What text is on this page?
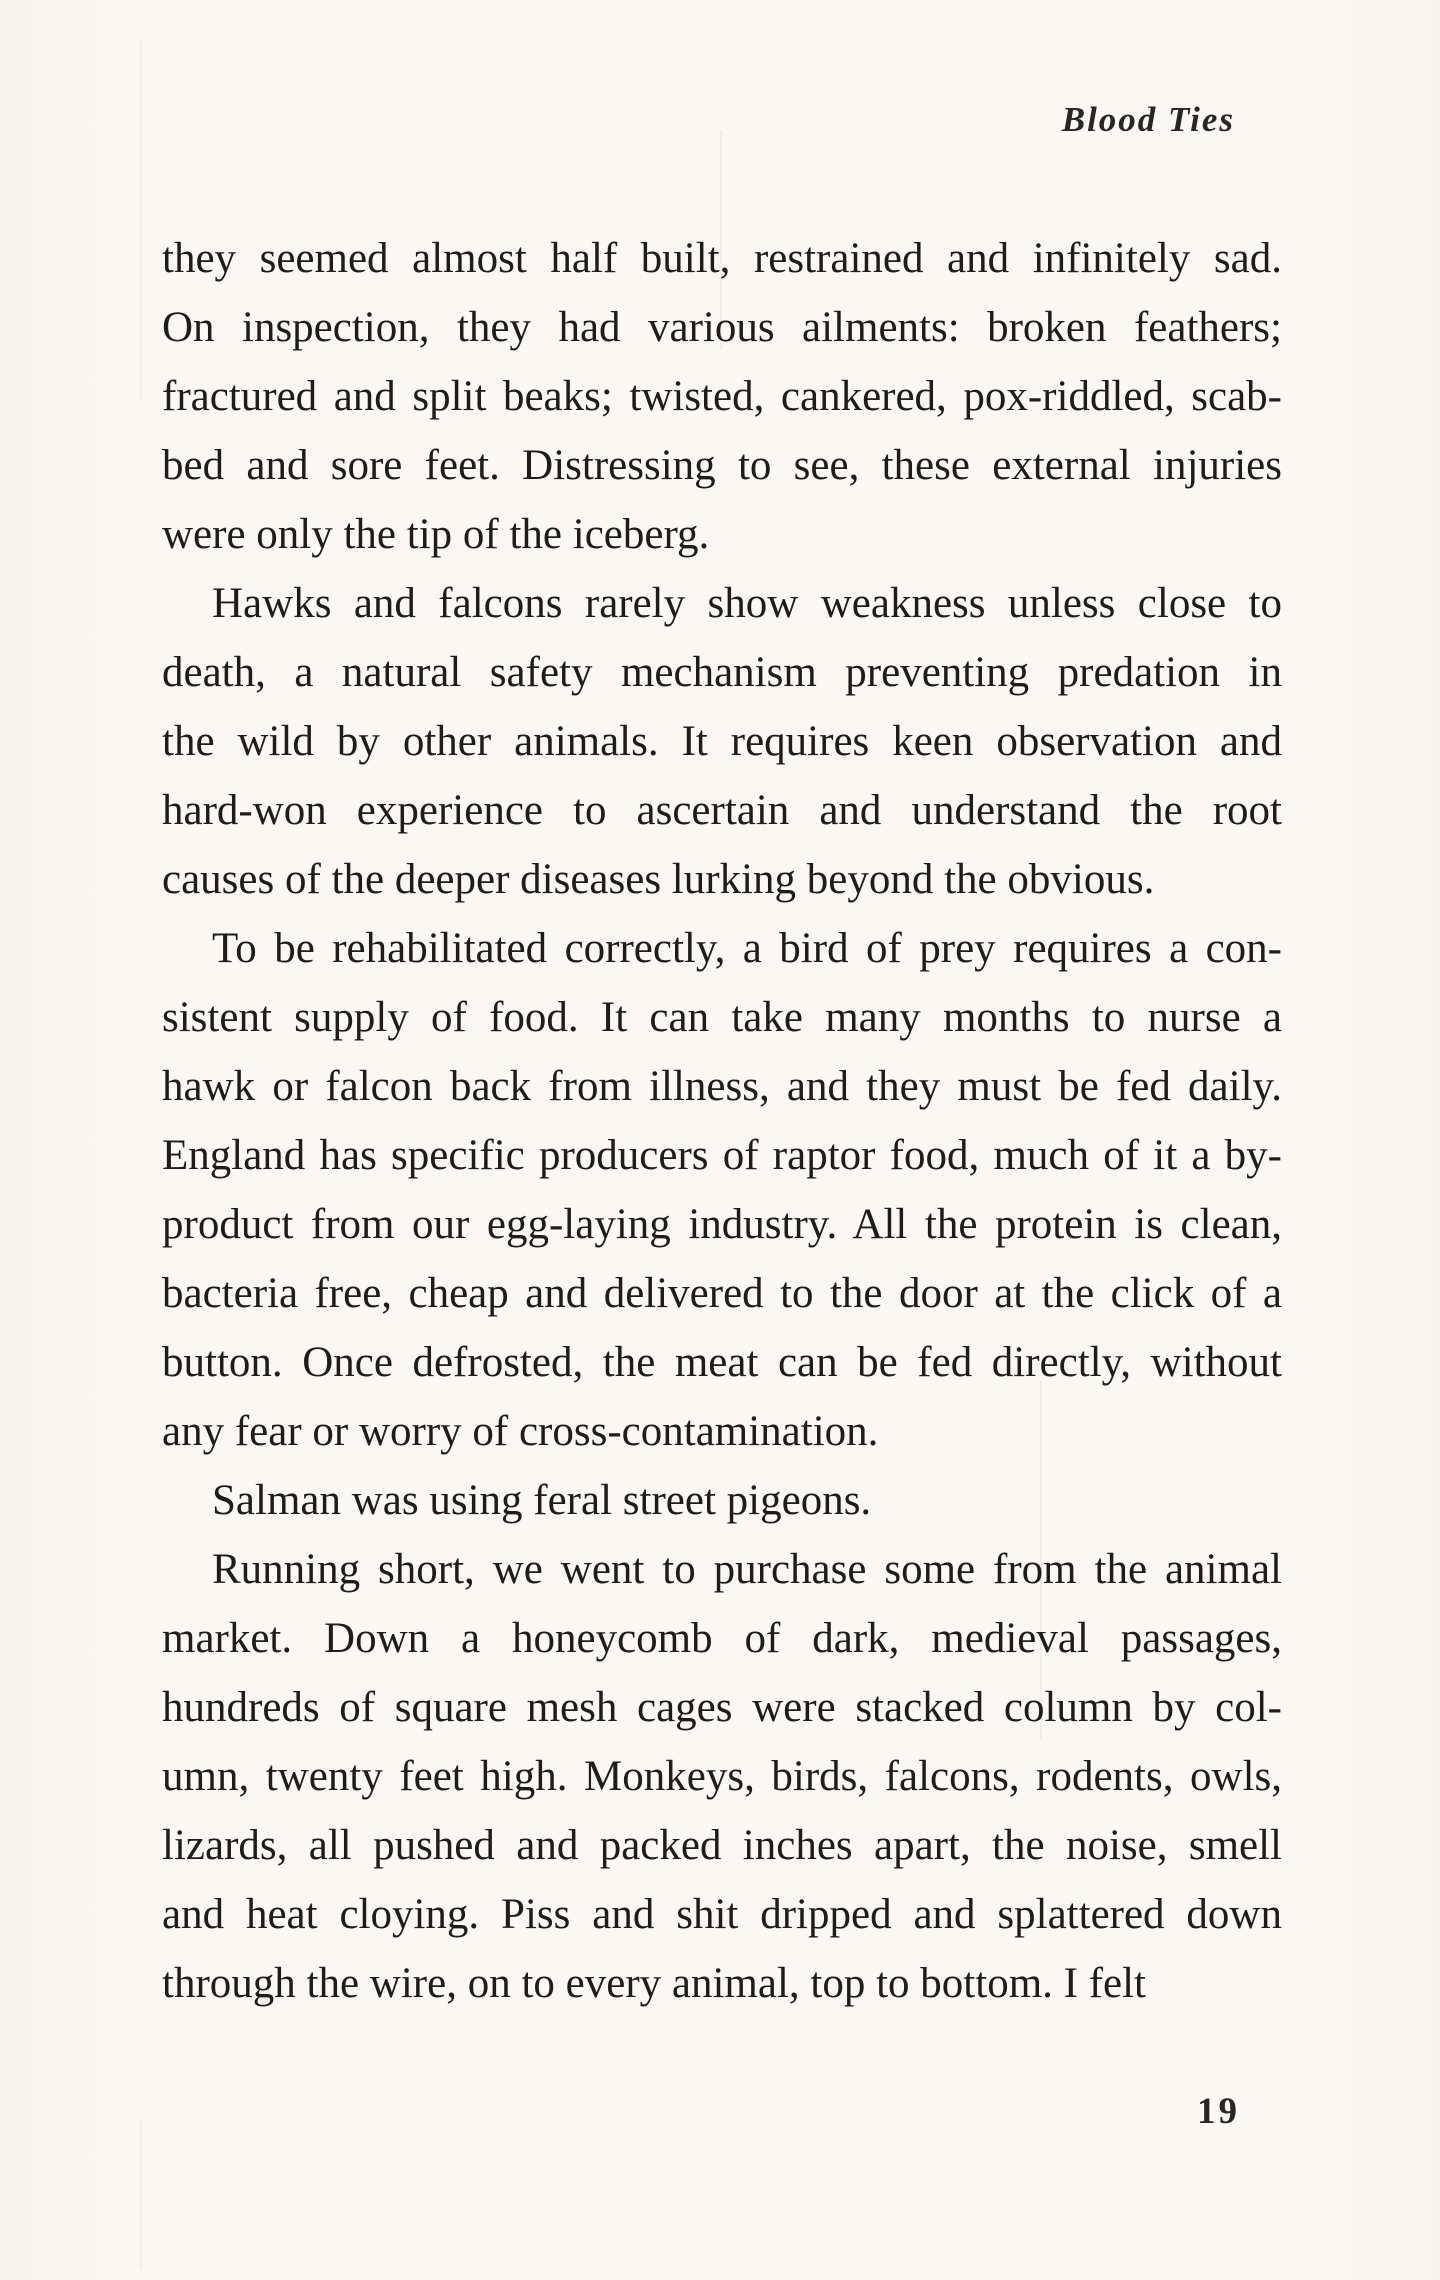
Blood Ties
they seemed almost half built, restrained and infinitely sad.
On inspection, they had various ailments: broken feathers;
fractured and split beaks; twisted, cankered, pox-riddled, scab-
bed and sore feet. Distressing to see, these external injuries
were only the tip of the iceberg.
Hawks and falcons rarely show weakness unless close to
death, a natural safety mechanism preventing predation in
the wild by other animals. It requires keen observation and
hard-won experience to ascertain and understand the root
causes of the deeper diseases lurking beyond the obvious.
To be rehabilitated correctly, a bird of prey requires a con-
sistent supply of food. It can take many months to nurse a
hawk or falcon back from illness, and they must be fed daily.
England has specific producers of raptor food, much of it a by-
product from our egg-laying industry. All the protein is clean,
bacteria free, cheap and delivered to the door at the click of a
button. Once defrosted, the meat can be fed directly, without
any fear or worry of cross-contamination.
Salman was using feral street pigeons.
Running short, we went to purchase some from the animal
market. Down a honeycomb of dark, medieval passages,
hundreds of square mesh cages were stacked column by col-
umn, twenty feet high. Monkeys, birds, falcons, rodents, owls,
lizards, all pushed and packed inches apart, the noise, smell
and heat cloying. Piss and shit dripped and splattered down
through the wire, on to every animal, top to bottom. I felt
19
